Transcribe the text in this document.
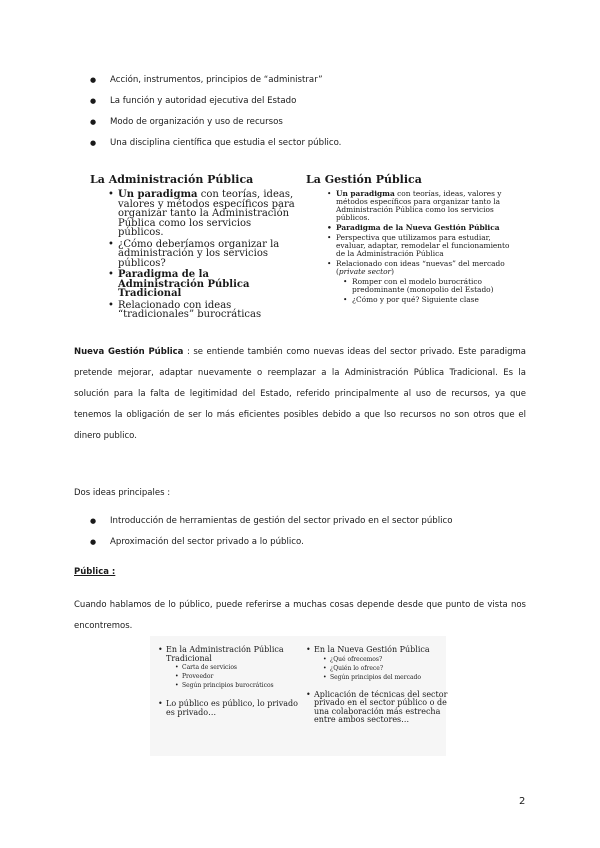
● Acción, instrumentos, principios de “administrar”
● La función y autoridad ejecutiva del Estado
● Modo de organización y uso de recursos
● Una disciplina científica que estudia el sector público.
La Administración Pública
• Un paradigma con teorías, ideas, valores y métodos específicos para organizar tanto la Administración Pública como los servicios públicos.
• ¿Cómo deberíamos organizar la administración y los servicios públicos?
• Paradigma de la Administración Pública Tradicional
• Relacionado con ideas “tradicionales” burocráticas
La Gestión Pública
• Un paradigma con teorías, ideas, valores y métodos específicos para organizar tanto la Administración Pública como los servicios públicos.
• Paradigma de la Nueva Gestión Pública
• Perspectiva que utilizamos para estudiar, evaluar, adaptar, remodelar el funcionamiento de la Administración Pública
• Relacionado con ideas “nuevas” del mercado (private sector)
• Romper con el modelo burocrático predominante (monopolio del Estado)
• ¿Cómo y por qué? Siguiente clase

Nueva Gestión Pública : se entiende también como nuevas ideas del sector privado. Este paradigma pretende mejorar, adaptar nuevamente o reemplazar a la Administración Pública Tradicional. Es la solución para la falta de legitimidad del Estado, referido principalmente al uso de recursos, ya que tenemos la obligación de ser lo más eficientes posibles debido a que lso recursos no son otros que el dinero publico.

Dos ideas principales :

● Introducción de herramientas de gestión del sector privado en el sector público
● Aproximación del sector privado a lo público.

Pública :

Cuando hablamos de lo público, puede referirse a muchas cosas depende desde que punto de vista nos encontremos.

• En la Administración Pública Tradicional
• Carta de servicios
• Proveedor
• Según principios burocráticos
• Lo público es público, lo privado es privado…
• En la Nueva Gestión Pública
• ¿Qué ofrecemos?
• ¿Quién lo ofrece?
• Según principios del mercado
• Aplicación de técnicas del sector privado en el sector público o de una colaboración más estrecha entre ambos sectores…
2
